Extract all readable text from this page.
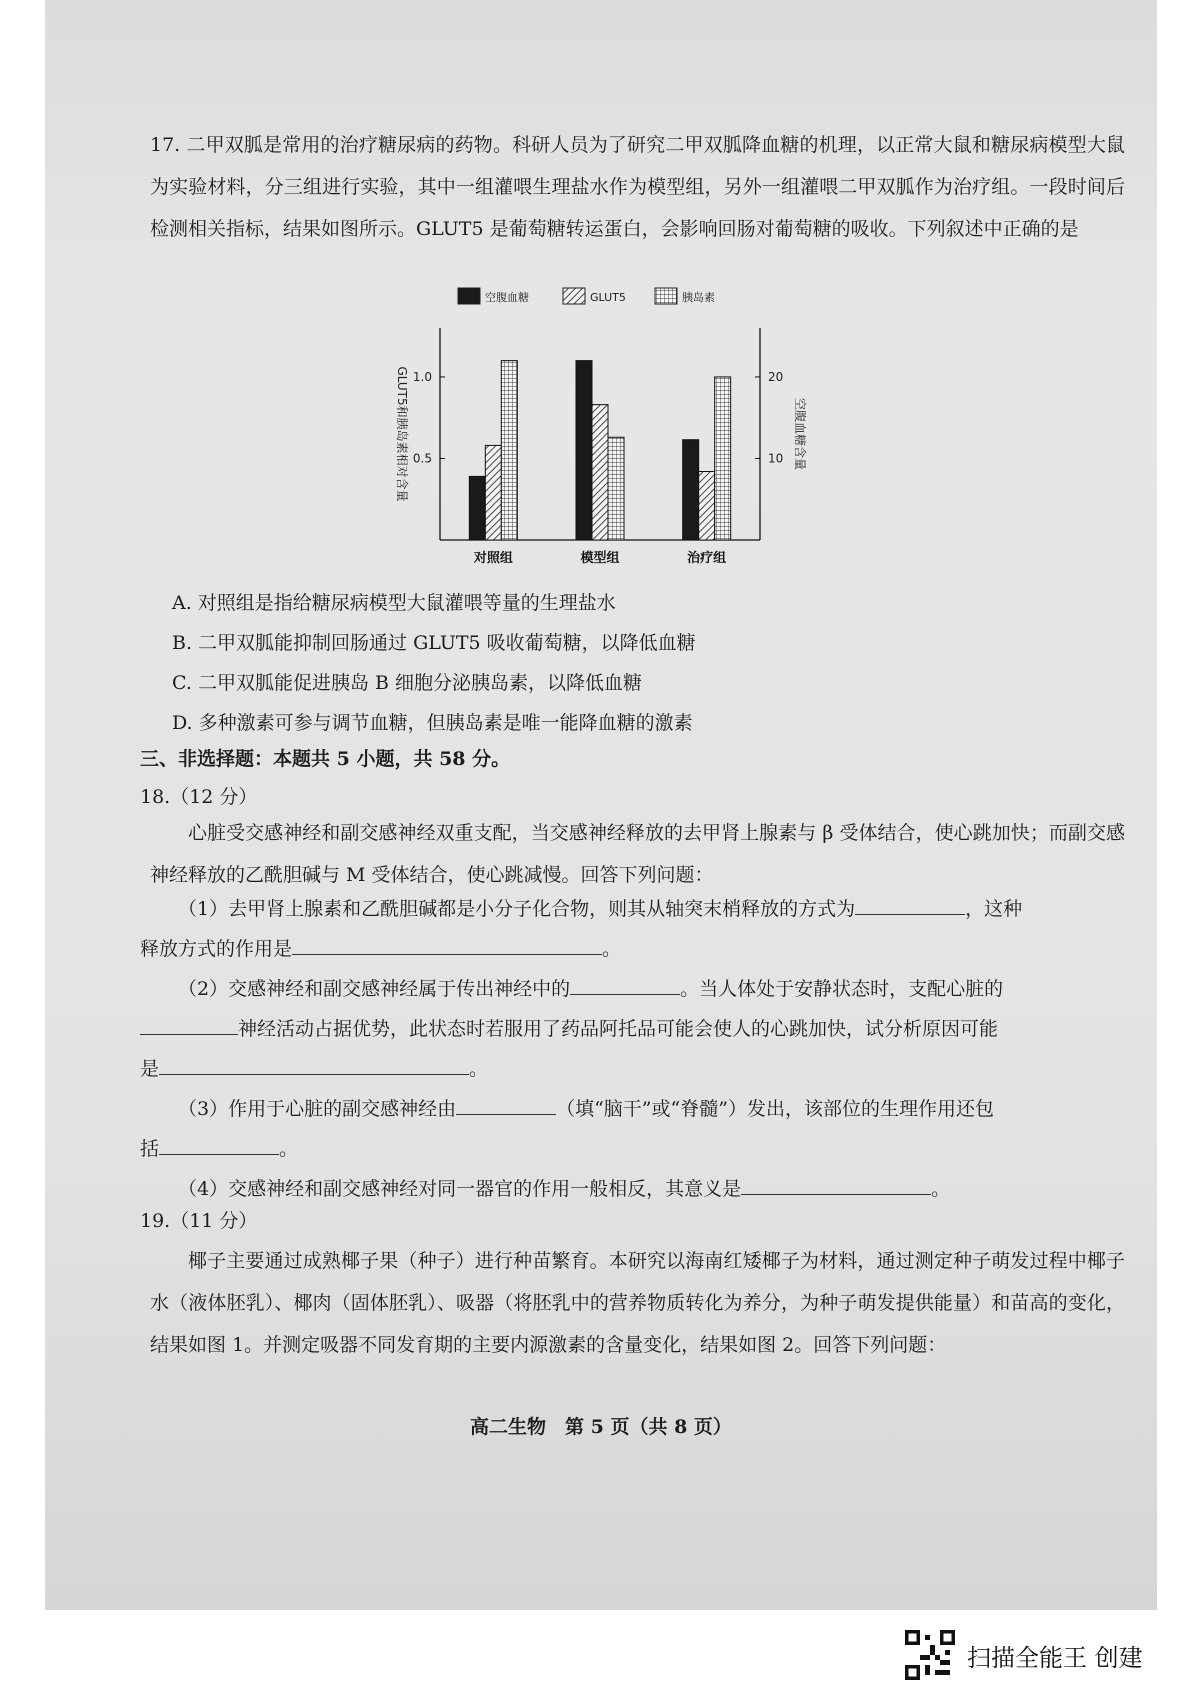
17. 二甲双胍是常用的治疗糖尿病的药物。科研人员为了研究二甲双胍降血糖的机理，以正常大鼠和糖尿病模型大鼠为实验材料，分三组进行实验，其中一组灌喂生理盐水作为模型组，另外一组灌喂二甲双胍作为治疗组。一段时间后检测相关指标，结果如图所示。GLUT5 是葡萄糖转运蛋白，会影响回肠对葡萄糖的吸收。下列叙述中正确的是
空腹血糖	GLUT5	胰岛素
0.5
1.0
10
20
GLUT5和胰岛素相对含量	空腹血糖含量
对照组	模型组	治疗组
A. 对照组是指给糖尿病模型大鼠灌喂等量的生理盐水
B. 二甲双胍能抑制回肠通过 GLUT5 吸收葡萄糖，以降低血糖
C. 二甲双胍能促进胰岛 B 细胞分泌胰岛素，以降低血糖
D. 多种激素可参与调节血糖，但胰岛素是唯一能降血糖的激素
三、非选择题：本题共 5 小题，共 58 分。
18.（12 分）
心脏受交感神经和副交感神经双重支配，当交感神经释放的去甲肾上腺素与 β 受体结合，使心跳加快；而副交感神经释放的乙酰胆碱与 M 受体结合，使心跳减慢。回答下列问题：
（1）去甲肾上腺素和乙酰胆碱都是小分子化合物，则其从轴突末梢释放的方式为	，这种
释放方式的作用是	。
（2）交感神经和副交感神经属于传出神经中的	。当人体处于安静状态时，支配心脏的
神经活动占据优势，此状态时若服用了药品阿托品可能会使人的心跳加快，试分析原因可能
是	。
（3）作用于心脏的副交感神经由	（填“脑干”或“脊髓”）发出，该部位的生理作用还包
括	。
（4）交感神经和副交感神经对同一器官的作用一般相反，其意义是	。
19.（11 分）
椰子主要通过成熟椰子果（种子）进行种苗繁育。本研究以海南红矮椰子为材料，通过测定种子萌发过程中椰子水（液体胚乳）、椰肉（固体胚乳）、吸器（将胚乳中的营养物质转化为养分，为种子萌发提供能量）和苗高的变化，结果如图 1。并测定吸器不同发育期的主要内源激素的含量变化，结果如图 2。回答下列问题：
高二生物　第 5 页（共 8 页）
扫描全能王 创建
